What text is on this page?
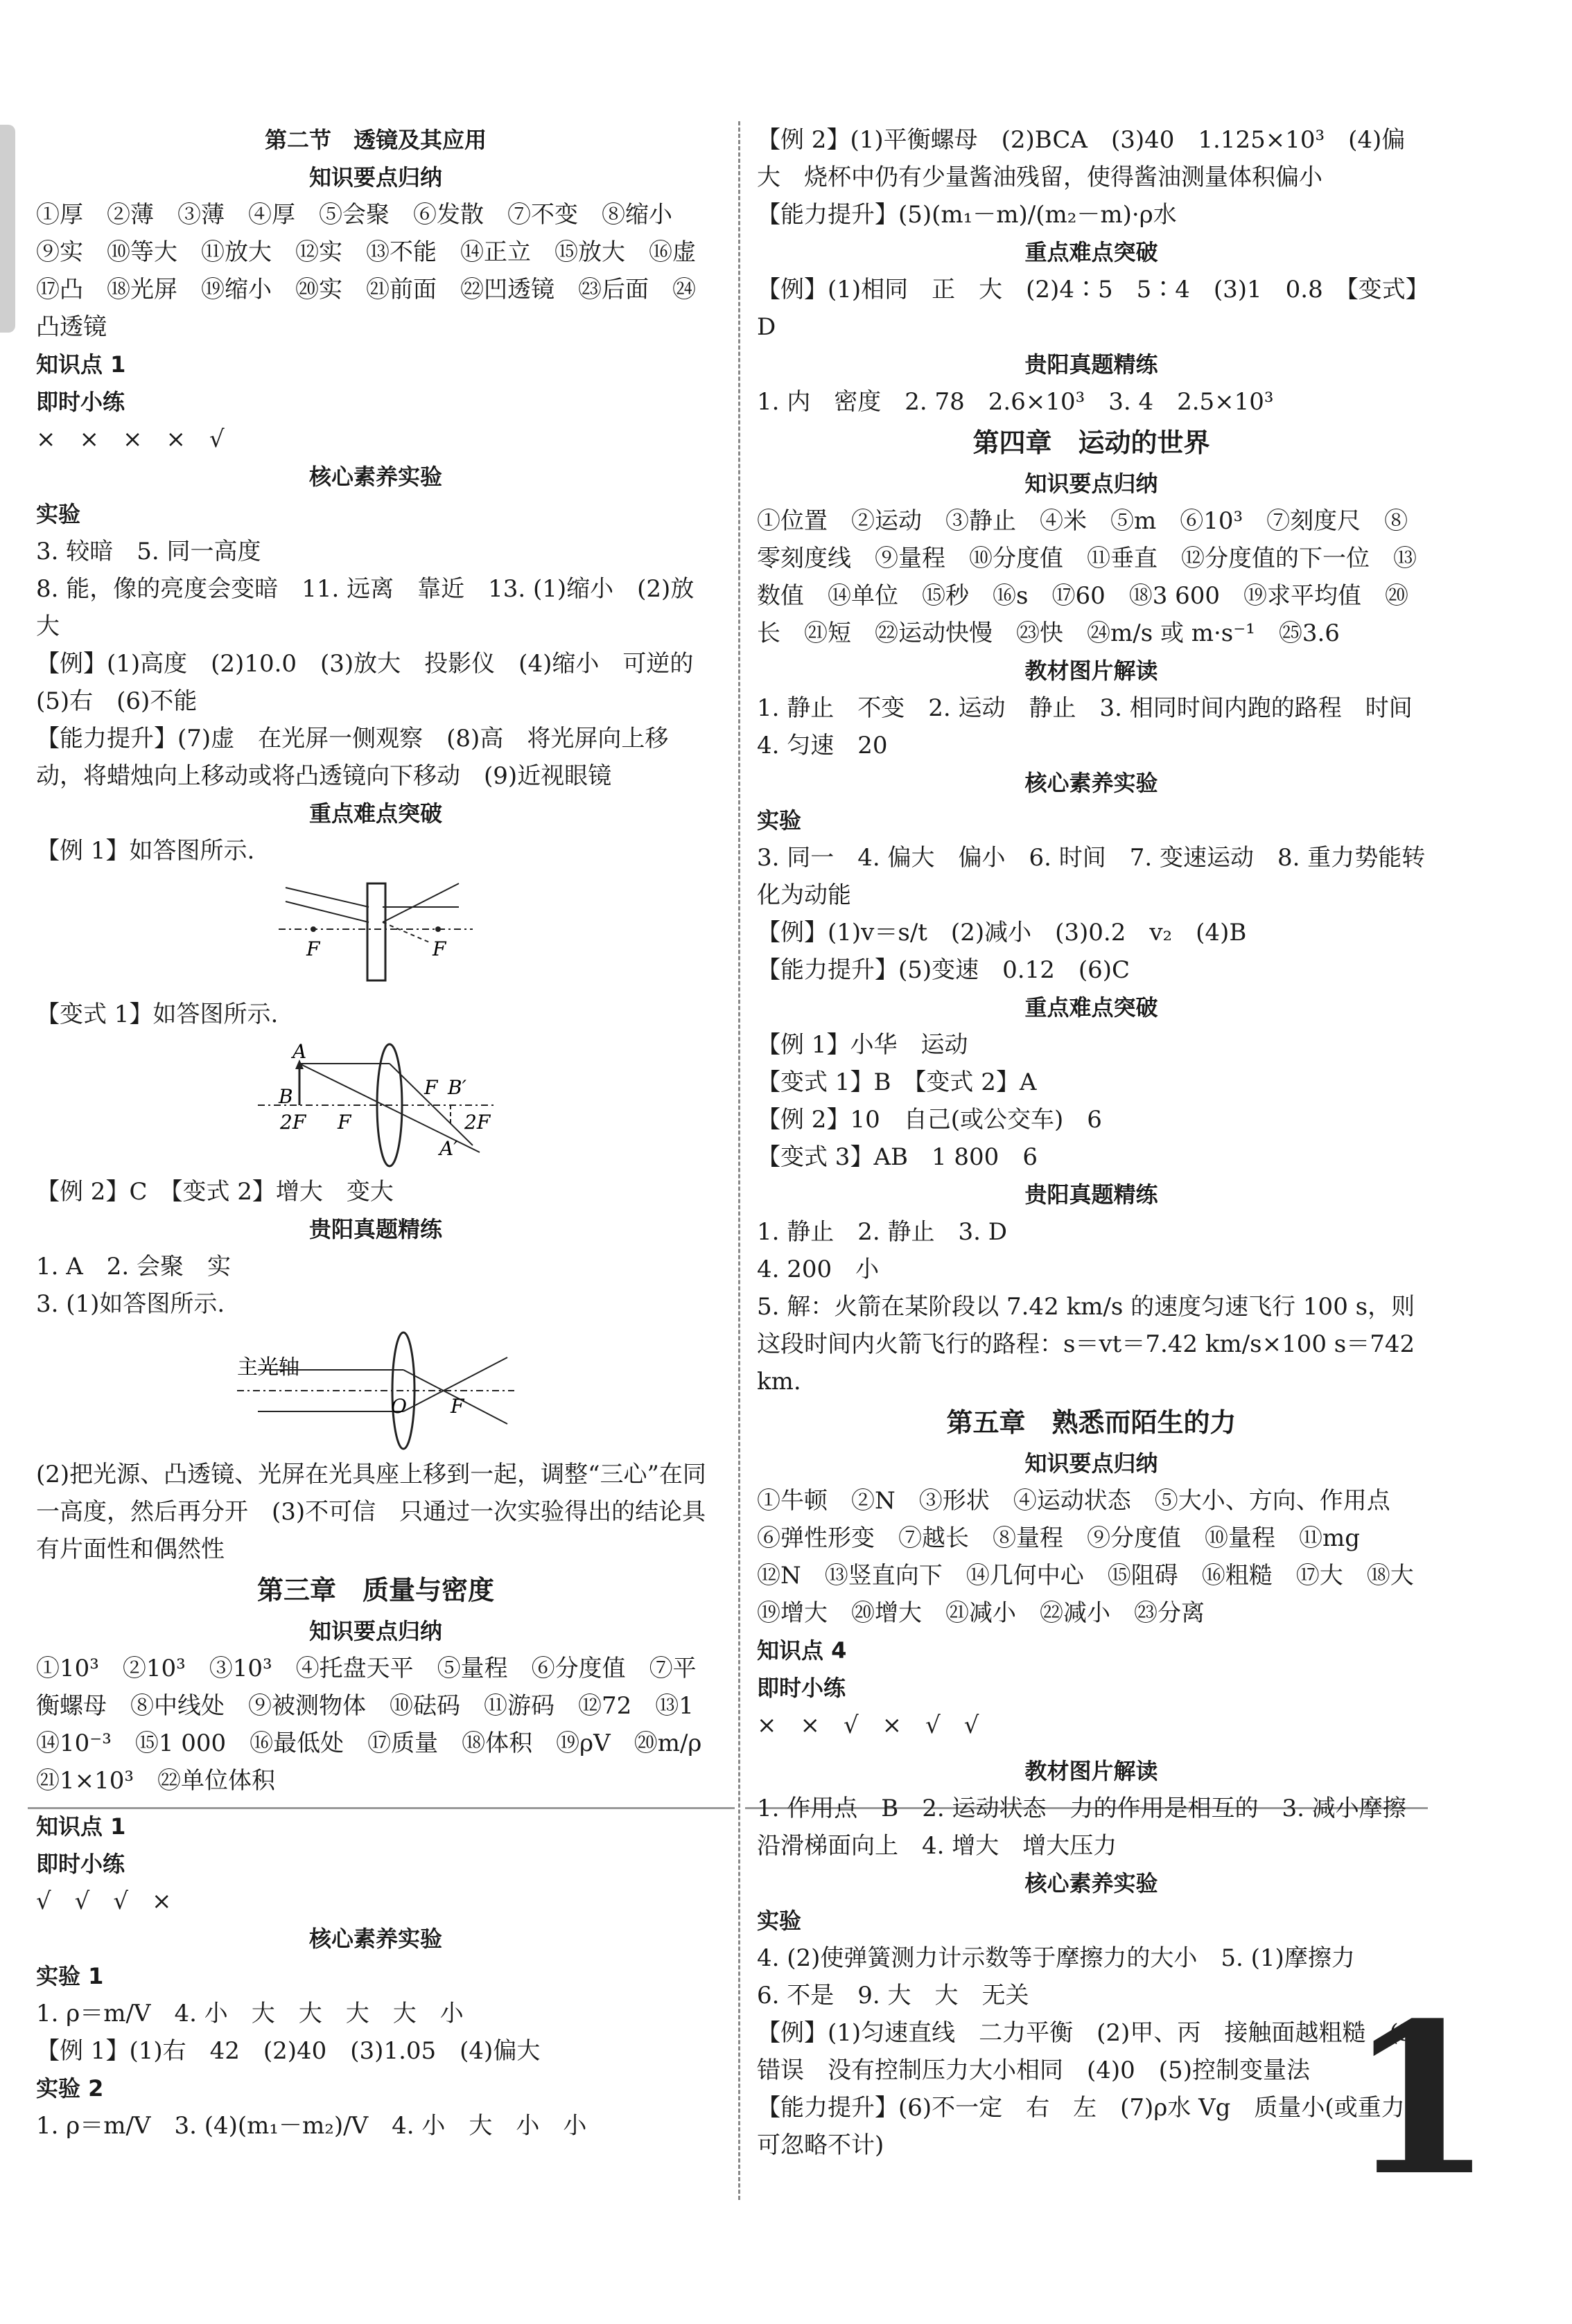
第二节　透镜及其应用
知识要点归纳
①厚　②薄　③薄　④厚　⑤会聚　⑥发散　⑦不变　⑧缩小　⑨实　⑩等大　⑪放大　⑫实　⑬不能　⑭正立　⑮放大　⑯虚　⑰凸　⑱光屏　⑲缩小　⑳实　㉑前面　㉒凹透镜　㉓后面　㉔凸透镜
知识点 1
即时小练
×　×　×　×　√
核心素养实验
实验
3. 较暗　5. 同一高度
8. 能，像的亮度会变暗　11. 远离　靠近　13. (1)缩小　(2)放大
【例】(1)高度　(2)10.0　(3)放大　投影仪　(4)缩小　可逆的　(5)右　(6)不能
【能力提升】(7)虚　在光屏一侧观察　(8)高　将光屏向上移动，将蜡烛向上移动或将凸透镜向下移动　(9)近视眼镜
重点难点突破
【例 1】如答图所示.
F	F
【变式 1】如答图所示.
A
B
2F F
F B′
2F
A′
【例 2】C　【变式 2】增大　变大
贵阳真题精练
1. A　2. 会聚　实
3. (1)如答图所示.
主光轴
O F
(2)把光源、凸透镜、光屏在光具座上移到一起，调整“三心”在同一高度，然后再分开　(3)不可信　只通过一次实验得出的结论具有片面性和偶然性
第三章　质量与密度
知识要点归纳
①10³　②10³　③10³　④托盘天平　⑤量程　⑥分度值　⑦平衡螺母　⑧中线处　⑨被测物体　⑩砝码　⑪游码　⑫72　⑬1　⑭10⁻³　⑮1 000　⑯最低处　⑰质量　⑱体积　⑲ρV　⑳m/ρ　㉑1×10³　㉒单位体积
知识点 1
即时小练
√　√　√　×
核心素养实验
实验 1
1. ρ＝m/V　4. 小　大　大　大　大　小
【例 1】(1)右　42　(2)40　(3)1.05　(4)偏大
实验 2
1. ρ＝m/V　3. (4)(m₁－m₂)/V　4. 小　大　小　小
【例 2】(1)平衡螺母　(2)BCA　(3)40　1.125×10³　(4)偏大　烧杯中仍有少量酱油残留，使得酱油测量体积偏小
【能力提升】(5)(m₁－m)/(m₂－m)·ρ水
重点难点突破
【例】(1)相同　正　大　(2)4∶5　5∶4　(3)1　0.8　【变式】D
贵阳真题精练
1. 内　密度　2. 78　2.6×10³　3. 4　2.5×10³
第四章　运动的世界
知识要点归纳
①位置　②运动　③静止　④米　⑤m　⑥10³　⑦刻度尺　⑧零刻度线　⑨量程　⑩分度值　⑪垂直　⑫分度值的下一位　⑬数值　⑭单位　⑮秒　⑯s　⑰60　⑱3 600　⑲求平均值　⑳长　㉑短　㉒运动快慢　㉓快　㉔m/s 或 m·s⁻¹　㉕3.6
教材图片解读
1. 静止　不变　2. 运动　静止　3. 相同时间内跑的路程　时间　4. 匀速　20
核心素养实验
实验
3. 同一　4. 偏大　偏小　6. 时间　7. 变速运动　8. 重力势能转化为动能
【例】(1)v＝s/t　(2)减小　(3)0.2　v₂　(4)B
【能力提升】(5)变速　0.12　(6)C
重点难点突破
【例 1】小华　运动
【变式 1】B　【变式 2】A
【例 2】10　自己(或公交车)　6
【变式 3】AB　1 800　6
贵阳真题精练
1. 静止　2. 静止　3. D
4. 200　小
5. 解：火箭在某阶段以 7.42 km/s 的速度匀速飞行 100 s，则这段时间内火箭飞行的路程：s＝vt＝7.42 km/s×100 s＝742 km.
第五章　熟悉而陌生的力
知识要点归纳
①牛顿　②N　③形状　④运动状态　⑤大小、方向、作用点　⑥弹性形变　⑦越长　⑧量程　⑨分度值　⑩量程　⑪mg　⑫N　⑬竖直向下　⑭几何中心　⑮阻碍　⑯粗糙　⑰大　⑱大　⑲增大　⑳增大　㉑减小　㉒减小　㉓分离
知识点 4
即时小练
×　×　√　×　√　√
教材图片解读
1. 作用点　B　2. 运动状态　力的作用是相互的　3. 减小摩擦　沿滑梯面向上　4. 增大　增大压力
核心素养实验
实验
4. (2)使弹簧测力计示数等于摩擦力的大小　5. (1)摩擦力
6. 不是　9. 大　大　无关
【例】(1)匀速直线　二力平衡　(2)甲、丙　接触面越粗糙　(3)错误　没有控制压力大小相同　(4)0　(5)控制变量法
【能力提升】(6)不一定　右　左　(7)ρ水 Vg　质量小(或重力可忽略不计)	1
